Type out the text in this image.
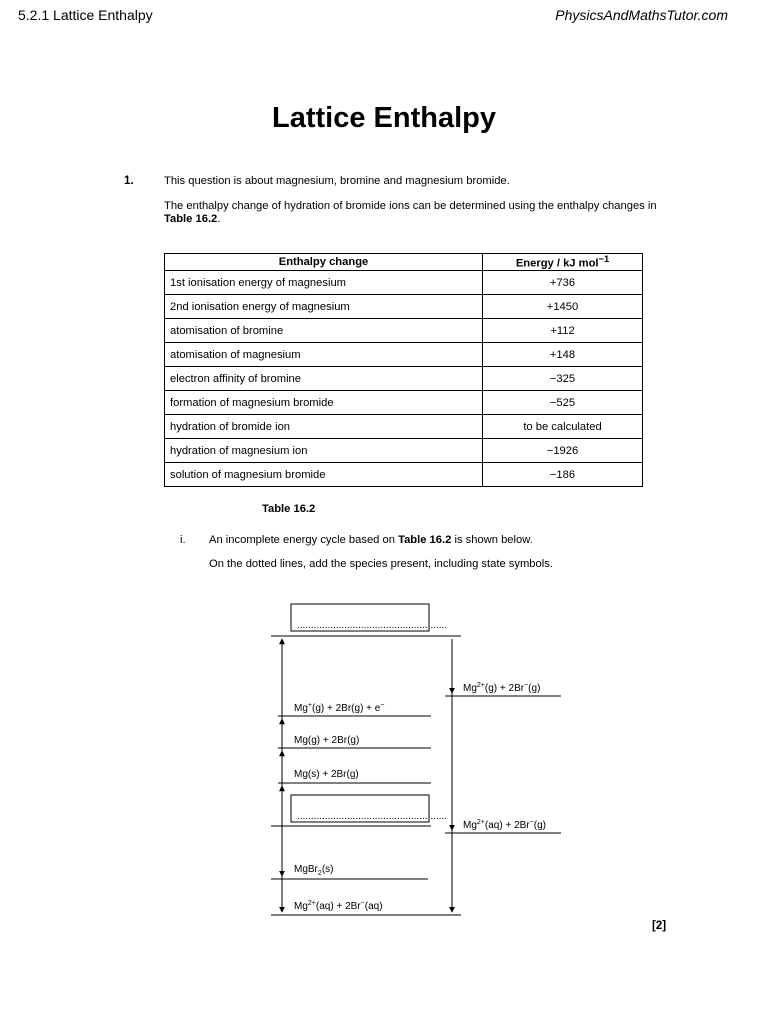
5.2.1 Lattice Enthalpy	PhysicsAndMathsTutor.com
Lattice Enthalpy
1.	This question is about magnesium, bromine and magnesium bromide.
The enthalpy change of hydration of bromide ions can be determined using the enthalpy changes in Table 16.2.
Enthalpy change	Energy / kJ mol$^{-1}$
1st ionisation energy of magnesium	+736
2nd ionisation energy of magnesium	+1450
atomisation of bromine	+112
atomisation of magnesium	+148
electron affinity of bromine	−325
formation of magnesium bromide	−525
hydration of bromide ion	to be calculated
hydration of magnesium ion	−1926
solution of magnesium bromide	−186
Table 16.2
i. An incomplete energy cycle based on Table 16.2 is shown below.
On the dotted lines, add the species present, including state symbols.
......................................................
......................................................
$Mg^{2+}(g) + 2Br^-(g)$
Mg+(g) + 2Br(g) + e−
Mg(g) + 2Br(g)
Mg(s) + 2Br(g)
$Mg^{2+}(aq) + 2Br^-(g)$
MgBr$_2$(s)
$Mg^{2+}(aq) + 2Br^-(aq)$
[2]
